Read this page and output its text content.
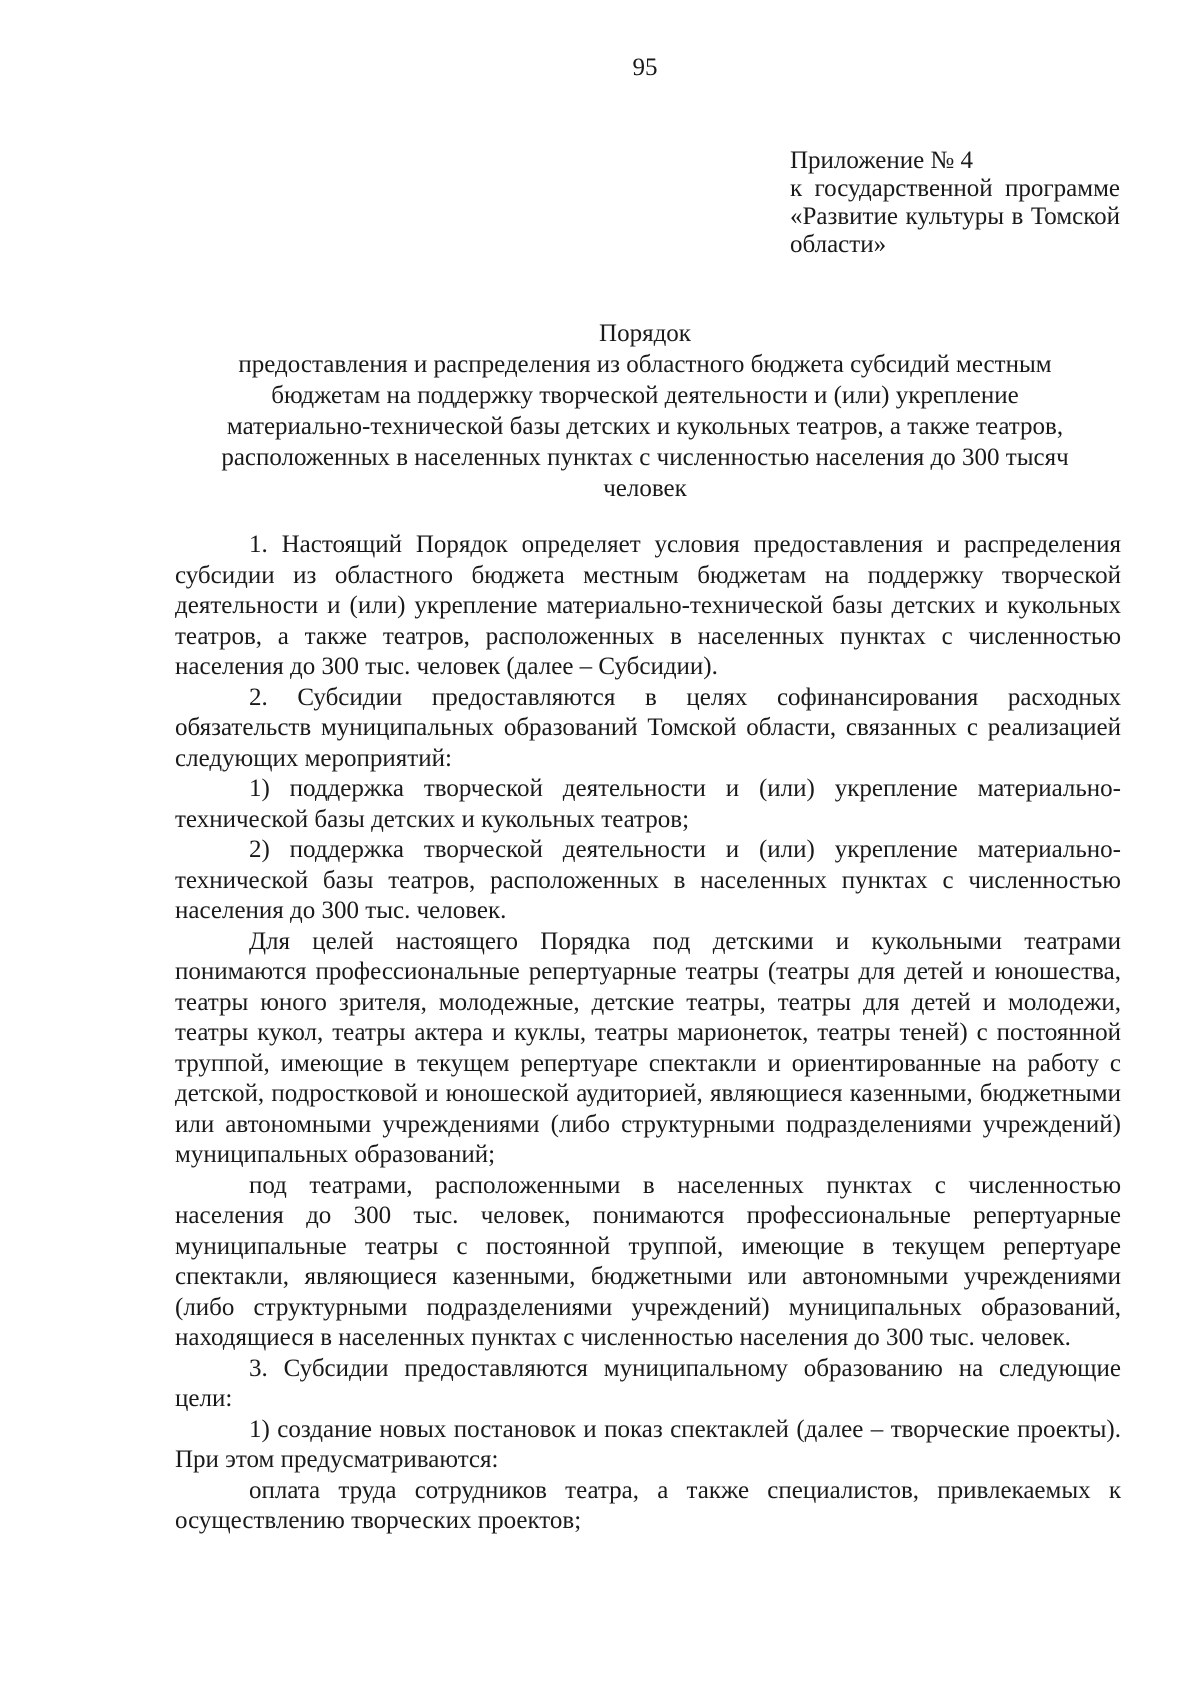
95
Приложение № 4
к государственной программе
«Развитие культуры в Томской
области»
Порядок
предоставления и распределения из областного бюджета субсидий местным
бюджетам на поддержку творческой деятельности и (или) укрепление
материально-технической базы детских и кукольных театров, а также театров,
расположенных в населенных пунктах с численностью населения до 300 тысяч
человек

1. Настоящий Порядок определяет условия предоставления и распределения субсидии из областного бюджета местным бюджетам на поддержку творческой деятельности и (или) укрепление материально-технической базы детских и кукольных театров, а также театров, расположенных в населенных пунктах с численностью населения до 300 тыс. человек (далее – Субсидии).

2. Субсидии предоставляются в целях софинансирования расходных обязательств муниципальных образований Томской области, связанных с реализацией следующих мероприятий:

1) поддержка творческой деятельности и (или) укрепление материально-технической базы детских и кукольных театров;

2) поддержка творческой деятельности и (или) укрепление материально-технической базы театров, расположенных в населенных пунктах с численностью населения до 300 тыс. человек.

Для целей настоящего Порядка под детскими и кукольными театрами понимаются профессиональные репертуарные театры (театры для детей и юношества, театры юного зрителя, молодежные, детские театры, театры для детей и молодежи, театры кукол, театры актера и куклы, театры марионеток, театры теней) с постоянной труппой, имеющие в текущем репертуаре спектакли и ориентированные на работу с детской, подростковой и юношеской аудиторией, являющиеся казенными, бюджетными или автономными учреждениями (либо структурными подразделениями учреждений) муниципальных образований;

под театрами, расположенными в населенных пунктах с численностью населения до 300 тыс. человек, понимаются профессиональные репертуарные муниципальные театры с постоянной труппой, имеющие в текущем репертуаре спектакли, являющиеся казенными, бюджетными или автономными учреждениями (либо структурными подразделениями учреждений) муниципальных образований, находящиеся в населенных пунктах с численностью населения до 300 тыс. человек.

3. Субсидии предоставляются муниципальному образованию на следующие цели:

1) создание новых постановок и показ спектаклей (далее – творческие проекты). При этом предусматриваются:

оплата труда сотрудников театра, а также специалистов, привлекаемых к осуществлению творческих проектов;
